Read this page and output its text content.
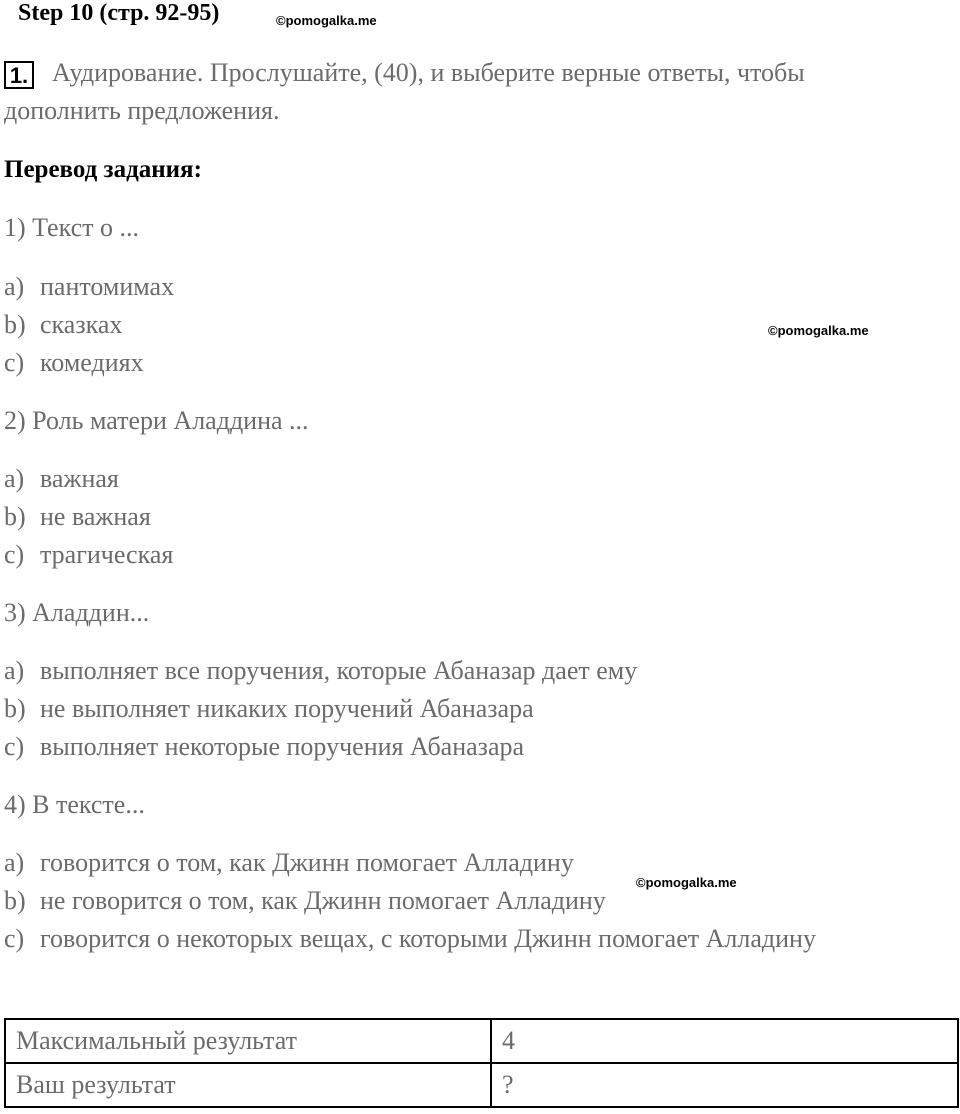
Step 10 (стр. 92-95)	©pomogalka.me
©pomogalka.me
©pomogalka.me
1. Аудирование. Прослушайте, (40), и выберите верные ответы, чтобы
дополнить предложения.
Перевод задания:
1) Текст о ...
a) пантомимах
b) сказках
c) комедиях
2) Роль матери Аладдина ...
a) важная
b) не важная
c) трагическая
3) Аладдин...
a) выполняет все поручения, которые Абаназар дает ему
b) не выполняет никаких поручений Абаназара
c) выполняет некоторые поручения Абаназара
4) В тексте...
a) говорится о том, как Джинн помогает Алладину
b) не говорится о том, как Джинн помогает Алладину
c) говорится о некоторых вещах, с которыми Джинн помогает Алладину
Максимальный результат	4
Ваш результат	?
